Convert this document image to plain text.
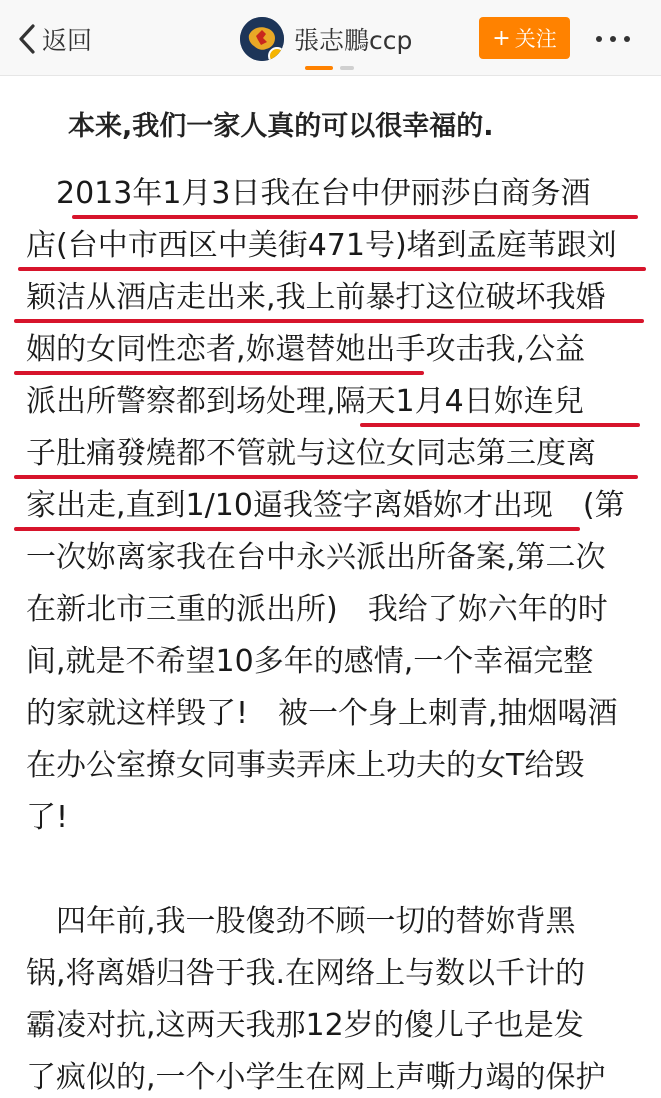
返回	張志鵬ccp	+ 关注
本来,我们一家人真的可以很幸福的.
　2013年1月3日我在台中伊丽莎白商务酒
店(台中市西区中美街471号)堵到孟庭苇跟刘
颖洁从酒店走出来,我上前暴打这位破坏我婚
姻的女同性恋者,妳還替她出手攻击我,公益
派出所警察都到场处理,隔天1月4日妳连兒
子肚痛發燒都不管就与这位女同志第三度离
家出走,直到1/10逼我签字离婚妳才出现　(第
一次妳离家我在台中永兴派出所备案,第二次
在新北市三重的派出所)　我给了妳六年的时
间,就是不希望10多年的感情,一个幸福完整
的家就这样毁了!　被一个身上刺青,抽烟喝酒
在办公室撩女同事卖弄床上功夫的女T给毁
了!
　四年前,我一股傻劲不顾一切的替妳背黑
锅,将离婚归咎于我.在网络上与数以千计的
霸凌对抗,这两天我那12岁的傻儿子也是发
了疯似的,一个小学生在网上声嘶力竭的保护
